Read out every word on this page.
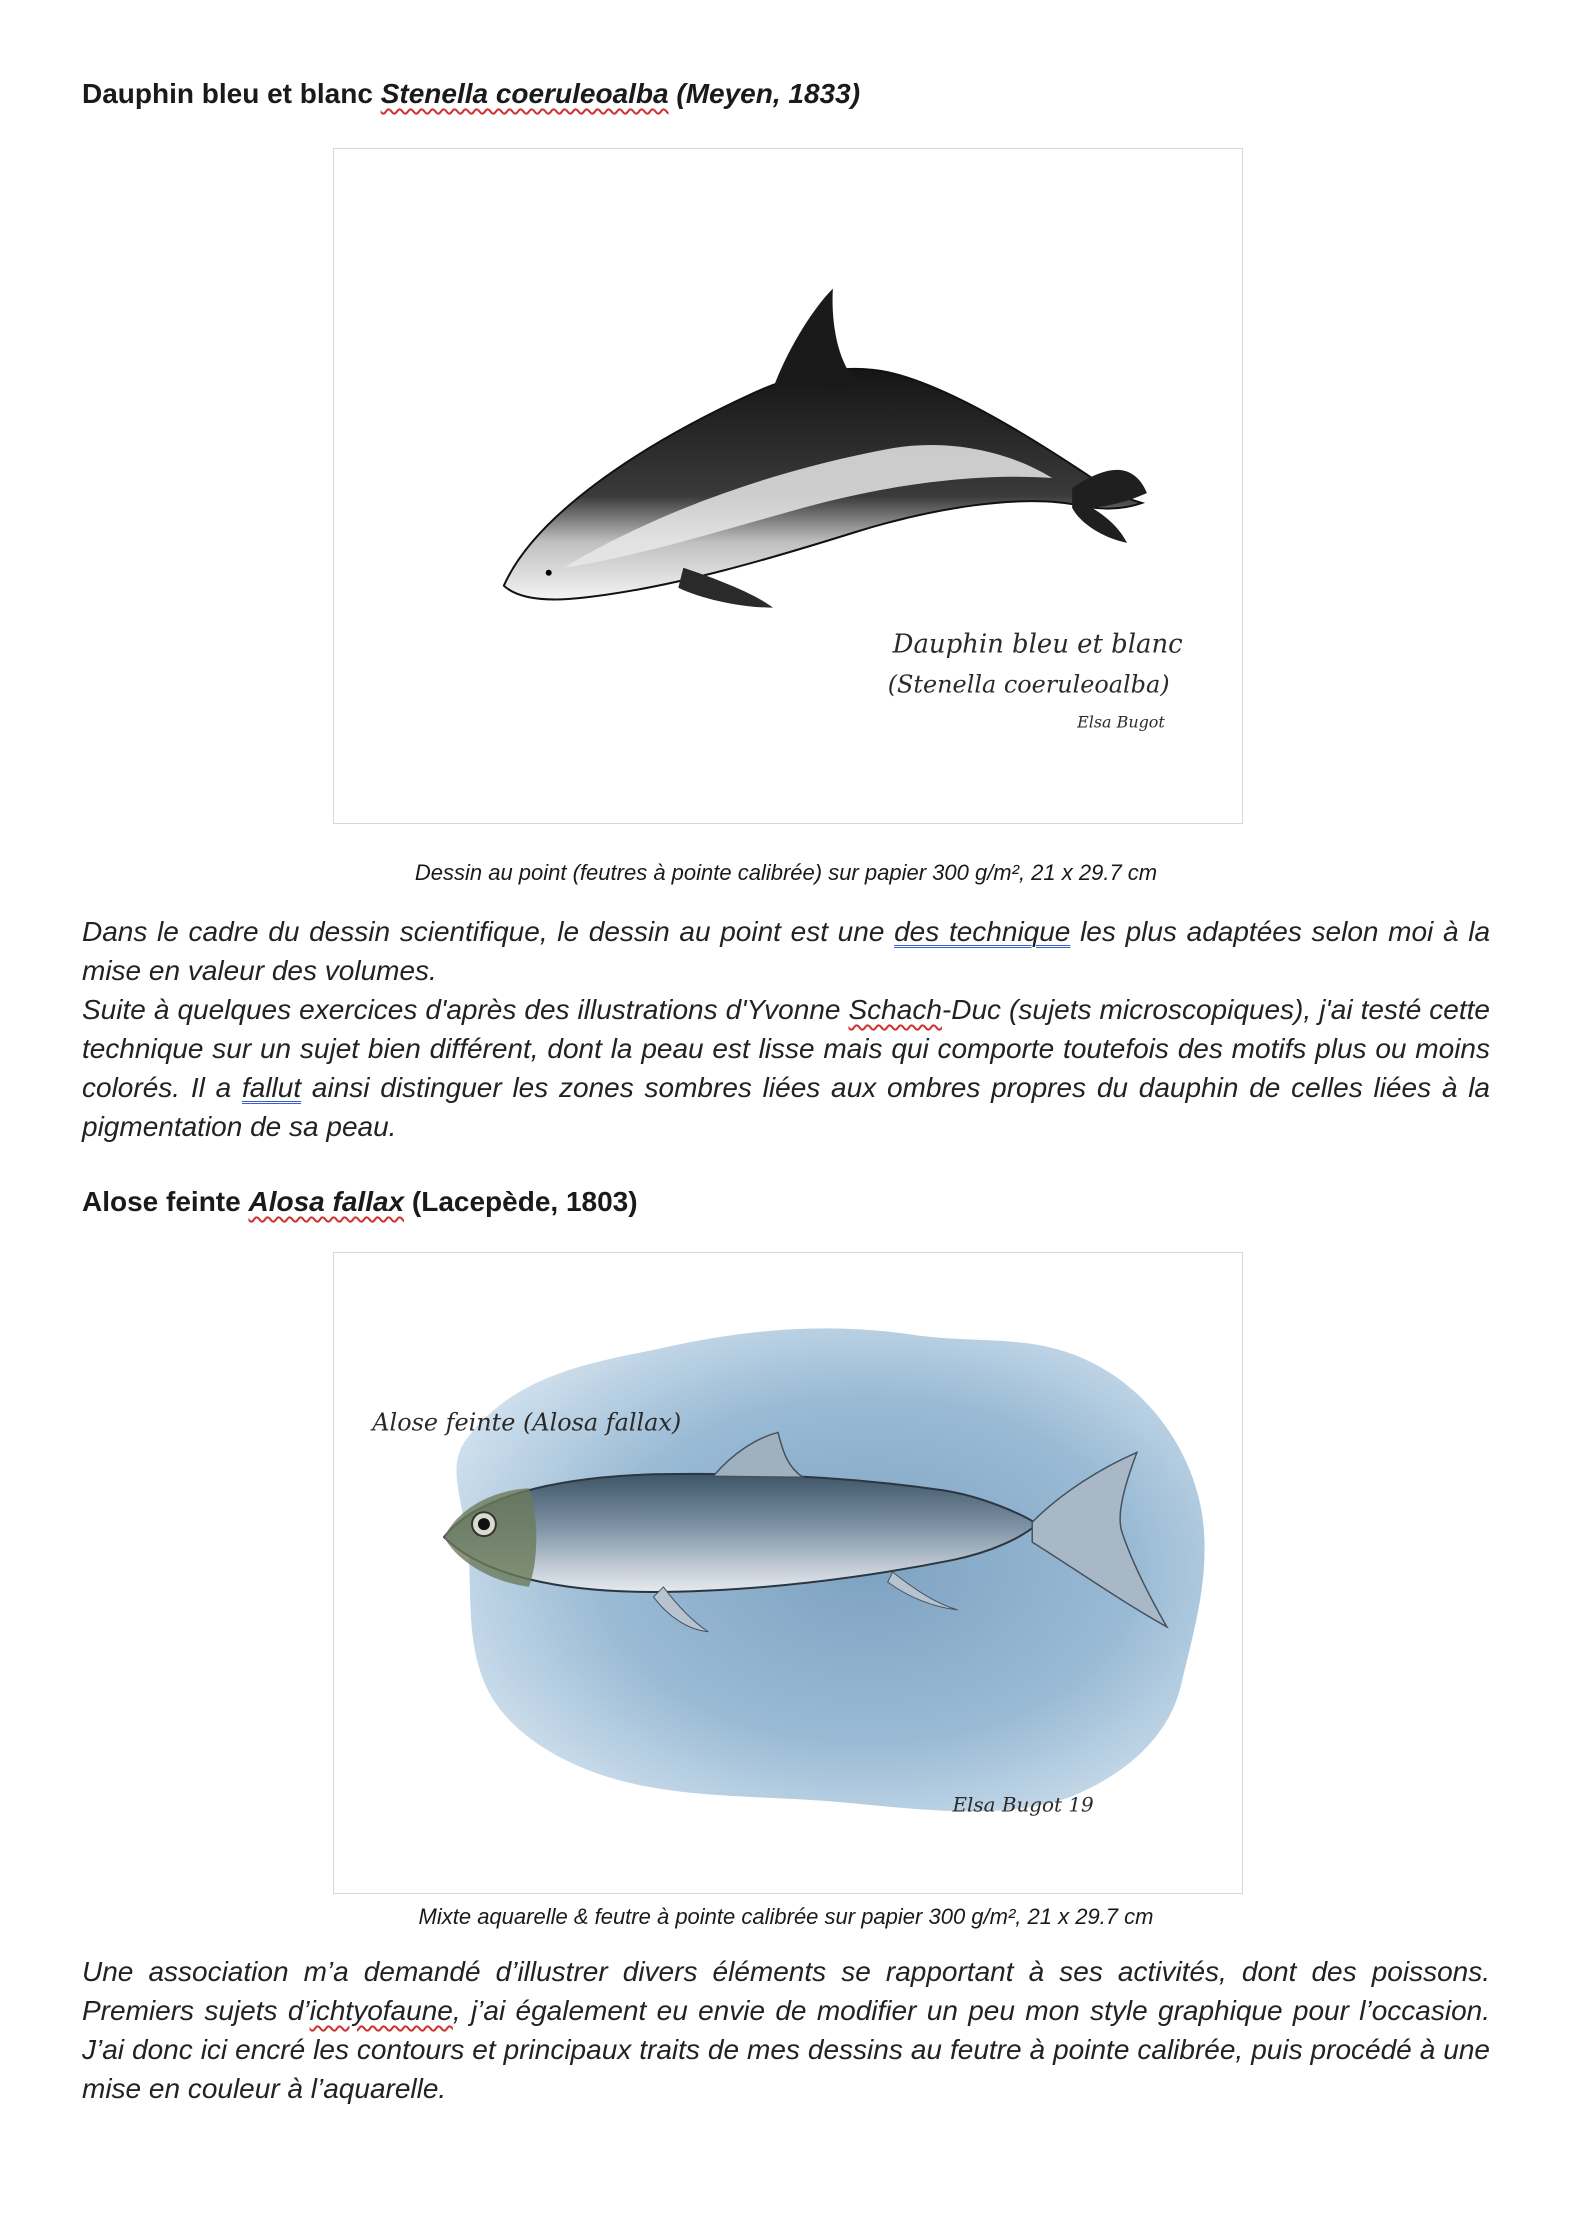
Dauphin bleu et blanc Stenella coeruleoalba (Meyen, 1833)
Dauphin bleu et blanc
(Stenella coeruleoalba)
Elsa Bugot

Dessin au point (feutres à pointe calibrée) sur papier 300 g/m², 21 x 29.7 cm

Dans le cadre du dessin scientifique, le dessin au point est une des technique les plus adaptées selon moi à la mise en valeur des volumes.

Suite à quelques exercices d'après des illustrations d'Yvonne Schach-Duc (sujets microscopiques), j'ai testé cette technique sur un sujet bien différent, dont la peau est lisse mais qui comporte toutefois des motifs plus ou moins colorés. Il a fallut ainsi distinguer les zones sombres liées aux ombres propres du dauphin de celles liées à la pigmentation de sa peau.

Alose feinte Alosa fallax (Lacepède, 1803)
Alose feinte (Alosa fallax)
Elsa Bugot 19

Mixte aquarelle & feutre à pointe calibrée sur papier 300 g/m², 21 x 29.7 cm

Une association m’a demandé d’illustrer divers éléments se rapportant à ses activités, dont des poissons. Premiers sujets d’ichtyofaune, j’ai également eu envie de modifier un peu mon style graphique pour l’occasion. J’ai donc ici encré les contours et principaux traits de mes dessins au feutre à pointe calibrée, puis procédé à une mise en couleur à l’aquarelle.
